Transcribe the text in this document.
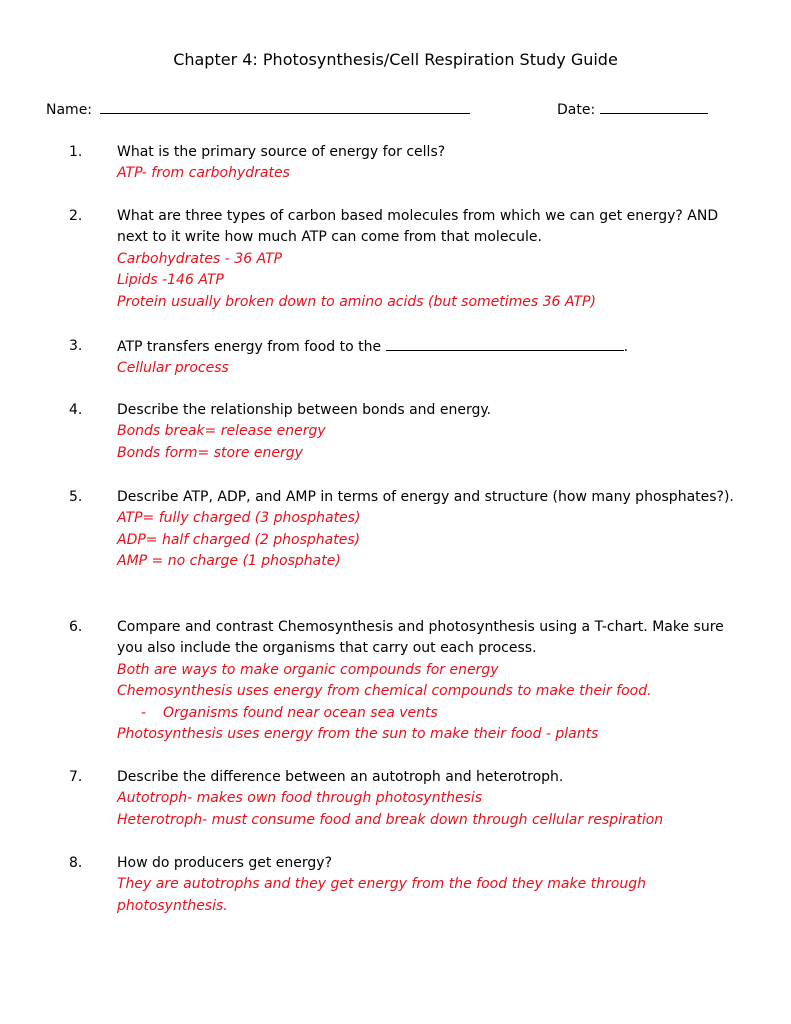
Chapter 4: Photosynthesis/Cell Respiration Study Guide
Name:	Date:
1. What is the primary source of energy for cells?
ATP- from carbohydrates
2. What are three types of carbon based molecules from which we can get energy? AND
next to it write how much ATP can come from that molecule.
Carbohydrates - 36 ATP
Lipids -146 ATP
Protein usually broken down to amino acids (but sometimes 36 ATP)
3. ATP transfers energy from food to the	.
Cellular process
4. Describe the relationship between bonds and energy.
Bonds break= release energy
Bonds form= store energy
5. Describe ATP, ADP, and AMP in terms of energy and structure (how many phosphates?).
ATP= fully charged (3 phosphates)
ADP= half charged (2 phosphates)
AMP = no charge (1 phosphate)
6. Compare and contrast Chemosynthesis and photosynthesis using a T-chart. Make sure
you also include the organisms that carry out each process.
Both are ways to make organic compounds for energy
Chemosynthesis uses energy from chemical compounds to make their food.
- Organisms found near ocean sea vents
Photosynthesis uses energy from the sun to make their food - plants
7. Describe the difference between an autotroph and heterotroph.
Autotroph- makes own food through photosynthesis
Heterotroph- must consume food and break down through cellular respiration
8. How do producers get energy?
They are autotrophs and they get energy from the food they make through
photosynthesis.
